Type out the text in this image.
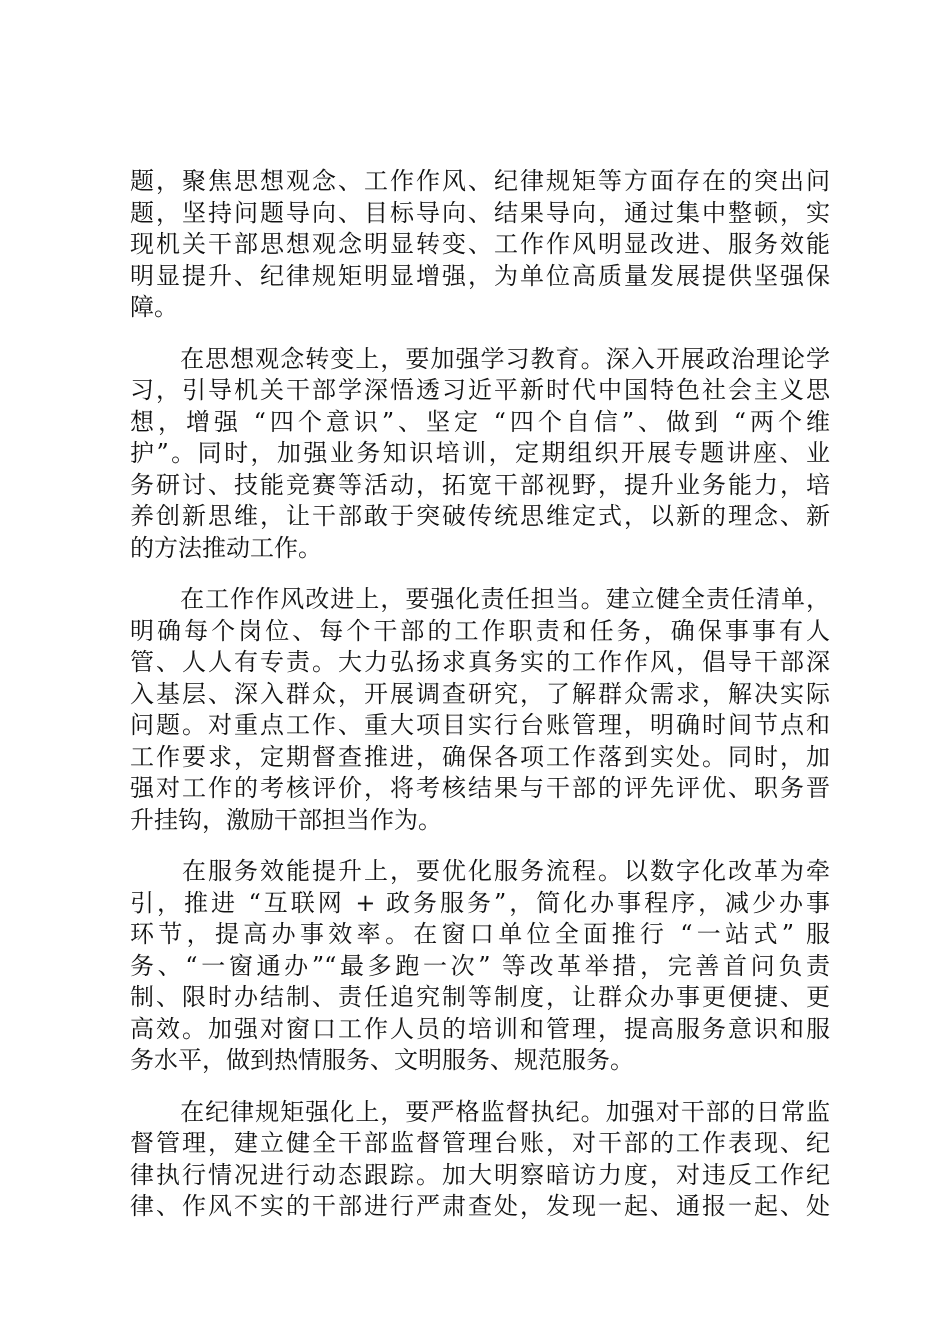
题，聚焦思想观念、工作作风、纪律规矩等方面存在的突出问
题，坚持问题导向、目标导向、结果导向，通过集中整顿，实
现机关干部思想观念明显转变、工作作风明显改进、服务效能
明显提升、纪律规矩明显增强，为单位高质量发展提供坚强保
障。

　　在思想观念转变上，要加强学习教育。深入开展政治理论学
习，引导机关干部学深悟透习近平新时代中国特色社会主义思
想，增强 “四个意识”、坚定 “四个自信”、做到 “两个维
护”。同时，加强业务知识培训，定期组织开展专题讲座、业
务研讨、技能竞赛等活动，拓宽干部视野，提升业务能力，培
养创新思维，让干部敢于突破传统思维定式，以新的理念、新
的方法推动工作。

　　在工作作风改进上，要强化责任担当。建立健全责任清单，
明确每个岗位、每个干部的工作职责和任务，确保事事有人
管、人人有专责。大力弘扬求真务实的工作作风，倡导干部深
入基层、深入群众，开展调查研究，了解群众需求，解决实际
问题。对重点工作、重大项目实行台账管理，明确时间节点和
工作要求，定期督查推进，确保各项工作落到实处。同时，加
强对工作的考核评价，将考核结果与干部的评先评优、职务晋
升挂钩，激励干部担当作为。

　　在服务效能提升上，要优化服务流程。以数字化改革为牵
引，推进 “互联网 + 政务服务”，简化办事程序，减少办事
环节，提高办事效率。在窗口单位全面推行 “一站式” 服
务、“一窗通办”“最多跑一次” 等改革举措，完善首问负责
制、限时办结制、责任追究制等制度，让群众办事更便捷、更
高效。加强对窗口工作人员的培训和管理，提高服务意识和服
务水平，做到热情服务、文明服务、规范服务。

　　在纪律规矩强化上，要严格监督执纪。加强对干部的日常监
督管理，建立健全干部监督管理台账，对干部的工作表现、纪
律执行情况进行动态跟踪。加大明察暗访力度，对违反工作纪
律、作风不实的干部进行严肃查处，发现一起、通报一起、处
